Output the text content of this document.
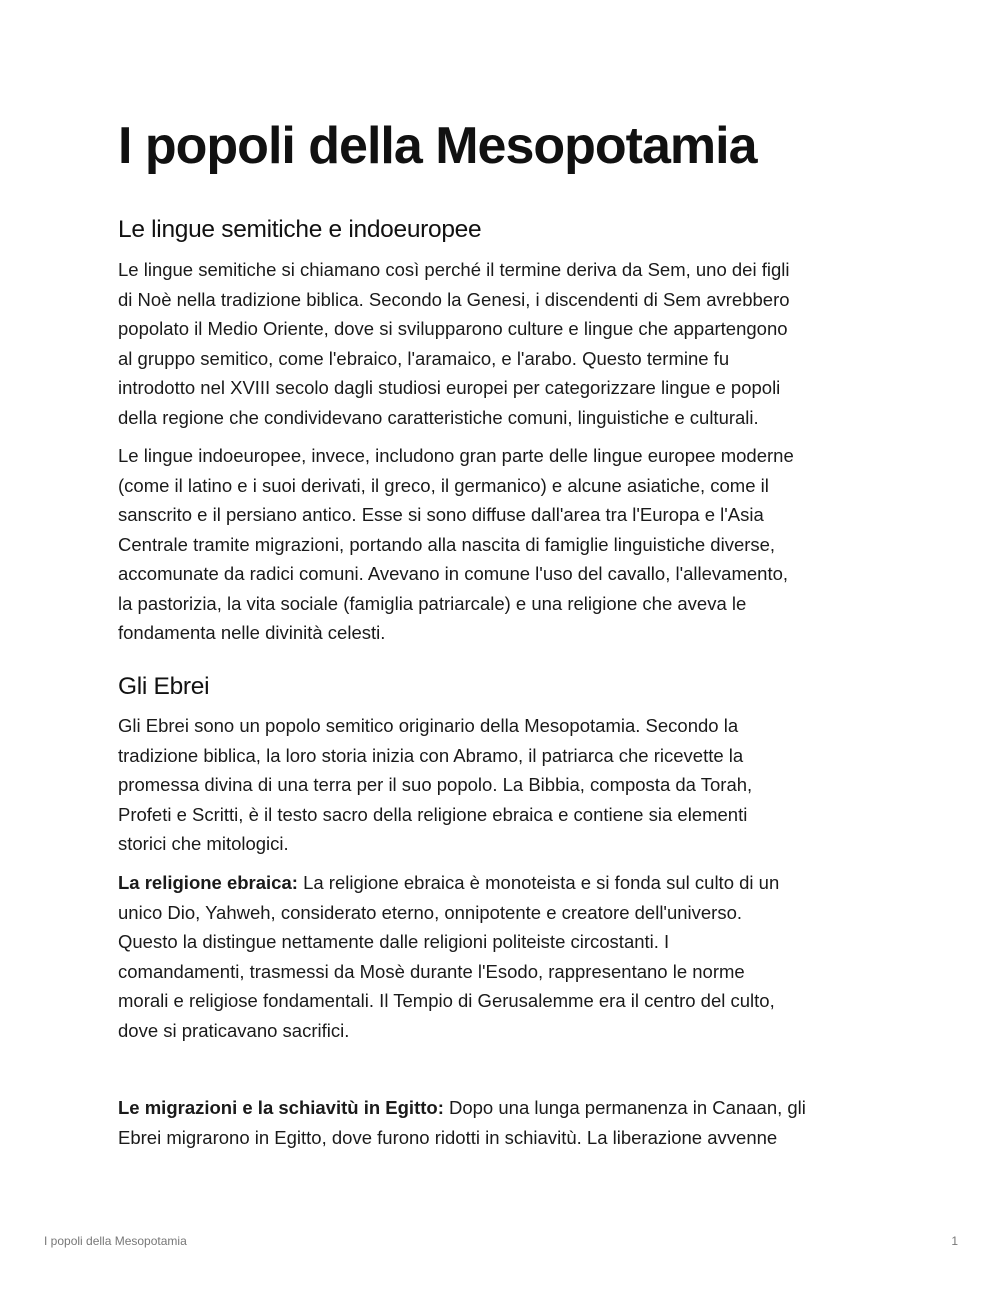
I popoli della Mesopotamia
Le lingue semitiche e indoeuropee

Le lingue semitiche si chiamano così perché il termine deriva da Sem, uno dei figli
di Noè nella tradizione biblica. Secondo la Genesi, i discendenti di Sem avrebbero
popolato il Medio Oriente, dove si svilupparono culture e lingue che appartengono
al gruppo semitico, come l'ebraico, l'aramaico, e l'arabo. Questo termine fu
introdotto nel XVIII secolo dagli studiosi europei per categorizzare lingue e popoli
della regione che condividevano caratteristiche comuni, linguistiche e culturali.

Le lingue indoeuropee, invece, includono gran parte delle lingue europee moderne
(come il latino e i suoi derivati, il greco, il germanico) e alcune asiatiche, come il
sanscrito e il persiano antico. Esse si sono diffuse dall'area tra l'Europa e l'Asia
Centrale tramite migrazioni, portando alla nascita di famiglie linguistiche diverse,
accomunate da radici comuni. Avevano in comune l'uso del cavallo, l'allevamento,
la pastorizia, la vita sociale (famiglia patriarcale) e una religione che aveva le
fondamenta nelle divinità celesti.

Gli Ebrei

Gli Ebrei sono un popolo semitico originario della Mesopotamia. Secondo la
tradizione biblica, la loro storia inizia con Abramo, il patriarca che ricevette la
promessa divina di una terra per il suo popolo. La Bibbia, composta da Torah,
Profeti e Scritti, è il testo sacro della religione ebraica e contiene sia elementi
storici che mitologici.

La religione ebraica: La religione ebraica è monoteista e si fonda sul culto di un
unico Dio, Yahweh, considerato eterno, onnipotente e creatore dell'universo.
Questo la distingue nettamente dalle religioni politeiste circostanti. I
comandamenti, trasmessi da Mosè durante l'Esodo, rappresentano le norme
morali e religiose fondamentali. Il Tempio di Gerusalemme era il centro del culto,
dove si praticavano sacrifici.

Le migrazioni e la schiavitù in Egitto: Dopo una lunga permanenza in Canaan, gli
Ebrei migrarono in Egitto, dove furono ridotti in schiavitù. La liberazione avvenne

I popoli della Mesopotamia	1
